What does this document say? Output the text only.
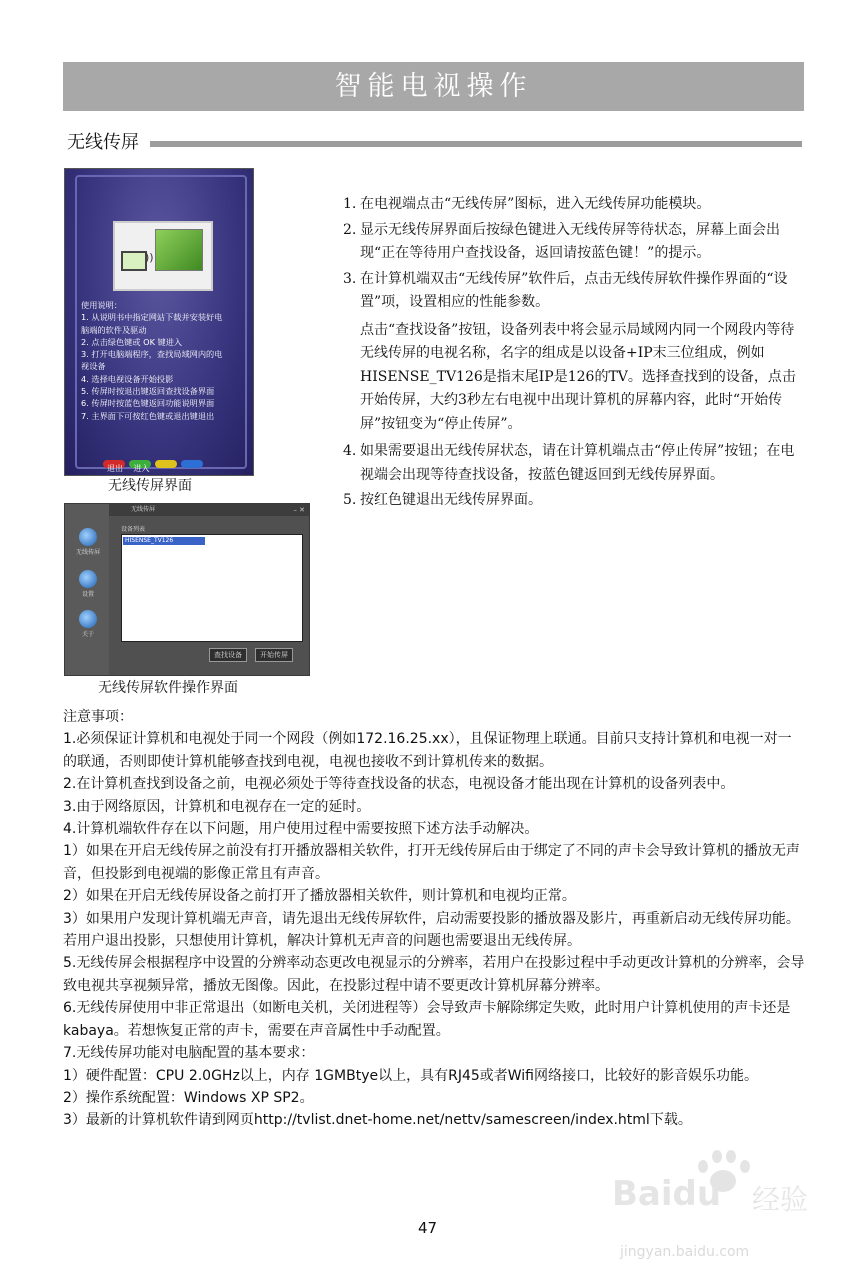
智能电视操作
无线传屏
))
使用说明：
1. 从说明书中指定网站下载并安装好电
脑端的软件及驱动
2. 点击绿色键或 OK 键进入
3. 打开电脑端程序，查找局域网内的电
视设备
4. 选择电视设备开始投影
5. 传屏时按退出键返回查找设备界面
6. 传屏时按蓝色键返回功能说明界面
7. 主界面下可按红色键或退出键退出
退出 进入
无线传屏界面
无线传屏
设置
关于
无线传屏	– ✕
设备列表
HISENSE_TV126
查找设备	开始传屏
无线传屏软件操作界面
1. 在电视端点击“无线传屏”图标，进入无线传屏功能模块。
2. 显示无线传屏界面后按绿色键进入无线传屏等待状态，屏幕上面会出现“正在等待用户查找设备，返回请按蓝色键！”的提示。
3. 在计算机端双击“无线传屏”软件后，点击无线传屏软件操作界面的“设置”项，设置相应的性能参数。
点击“查找设备”按钮，设备列表中将会显示局域网内同一个网段内等待无线传屏的电视名称，名字的组成是以设备+IP末三位组成，例如HISENSE_TV126是指末尾IP是126的TV。选择查找到的设备，点击开始传屏，大约3秒左右电视中出现计算机的屏幕内容，此时“开始传屏”按钮变为“停止传屏”。
4. 如果需要退出无线传屏状态，请在计算机端点击“停止传屏”按钮；在电视端会出现等待查找设备，按蓝色键返回到无线传屏界面。
5. 按红色键退出无线传屏界面。
注意事项：
1.必须保证计算机和电视处于同一个网段（例如172.16.25.xx），且保证物理上联通。目前只支持计算机和电视一对一的联通，否则即使计算机能够查找到电视，电视也接收不到计算机传来的数据。
2.在计算机查找到设备之前，电视必须处于等待查找设备的状态，电视设备才能出现在计算机的设备列表中。
3.由于网络原因，计算机和电视存在一定的延时。
4.计算机端软件存在以下问题，用户使用过程中需要按照下述方法手动解决。
1）如果在开启无线传屏之前没有打开播放器相关软件，打开无线传屏后由于绑定了不同的声卡会导致计算机的播放无声音，但投影到电视端的影像正常且有声音。
2）如果在开启无线传屏设备之前打开了播放器相关软件，则计算机和电视均正常。
3）如果用户发现计算机端无声音，请先退出无线传屏软件，启动需要投影的播放器及影片，再重新启动无线传屏功能。若用户退出投影，只想使用计算机，解决计算机无声音的问题也需要退出无线传屏。
5.无线传屏会根据程序中设置的分辨率动态更改电视显示的分辨率，若用户在投影过程中手动更改计算机的分辨率，会导致电视共享视频异常，播放无图像。因此，在投影过程中请不要更改计算机屏幕分辨率。
6.无线传屏使用中非正常退出（如断电关机，关闭进程等）会导致声卡解除绑定失败，此时用户计算机使用的声卡还是kabaya。若想恢复正常的声卡，需要在声音属性中手动配置。
7.无线传屏功能对电脑配置的基本要求：
1）硬件配置：CPU 2.0GHz以上，内存 1GMBtye以上，具有RJ45或者Wifi网络接口，比较好的影音娱乐功能。
2）操作系统配置：Windows XP SP2。
3）最新的计算机软件请到网页http://tvlist.dnet-home.net/nettv/samescreen/index.html下载。
47
Baidu 经验
jingyan.baidu.com
